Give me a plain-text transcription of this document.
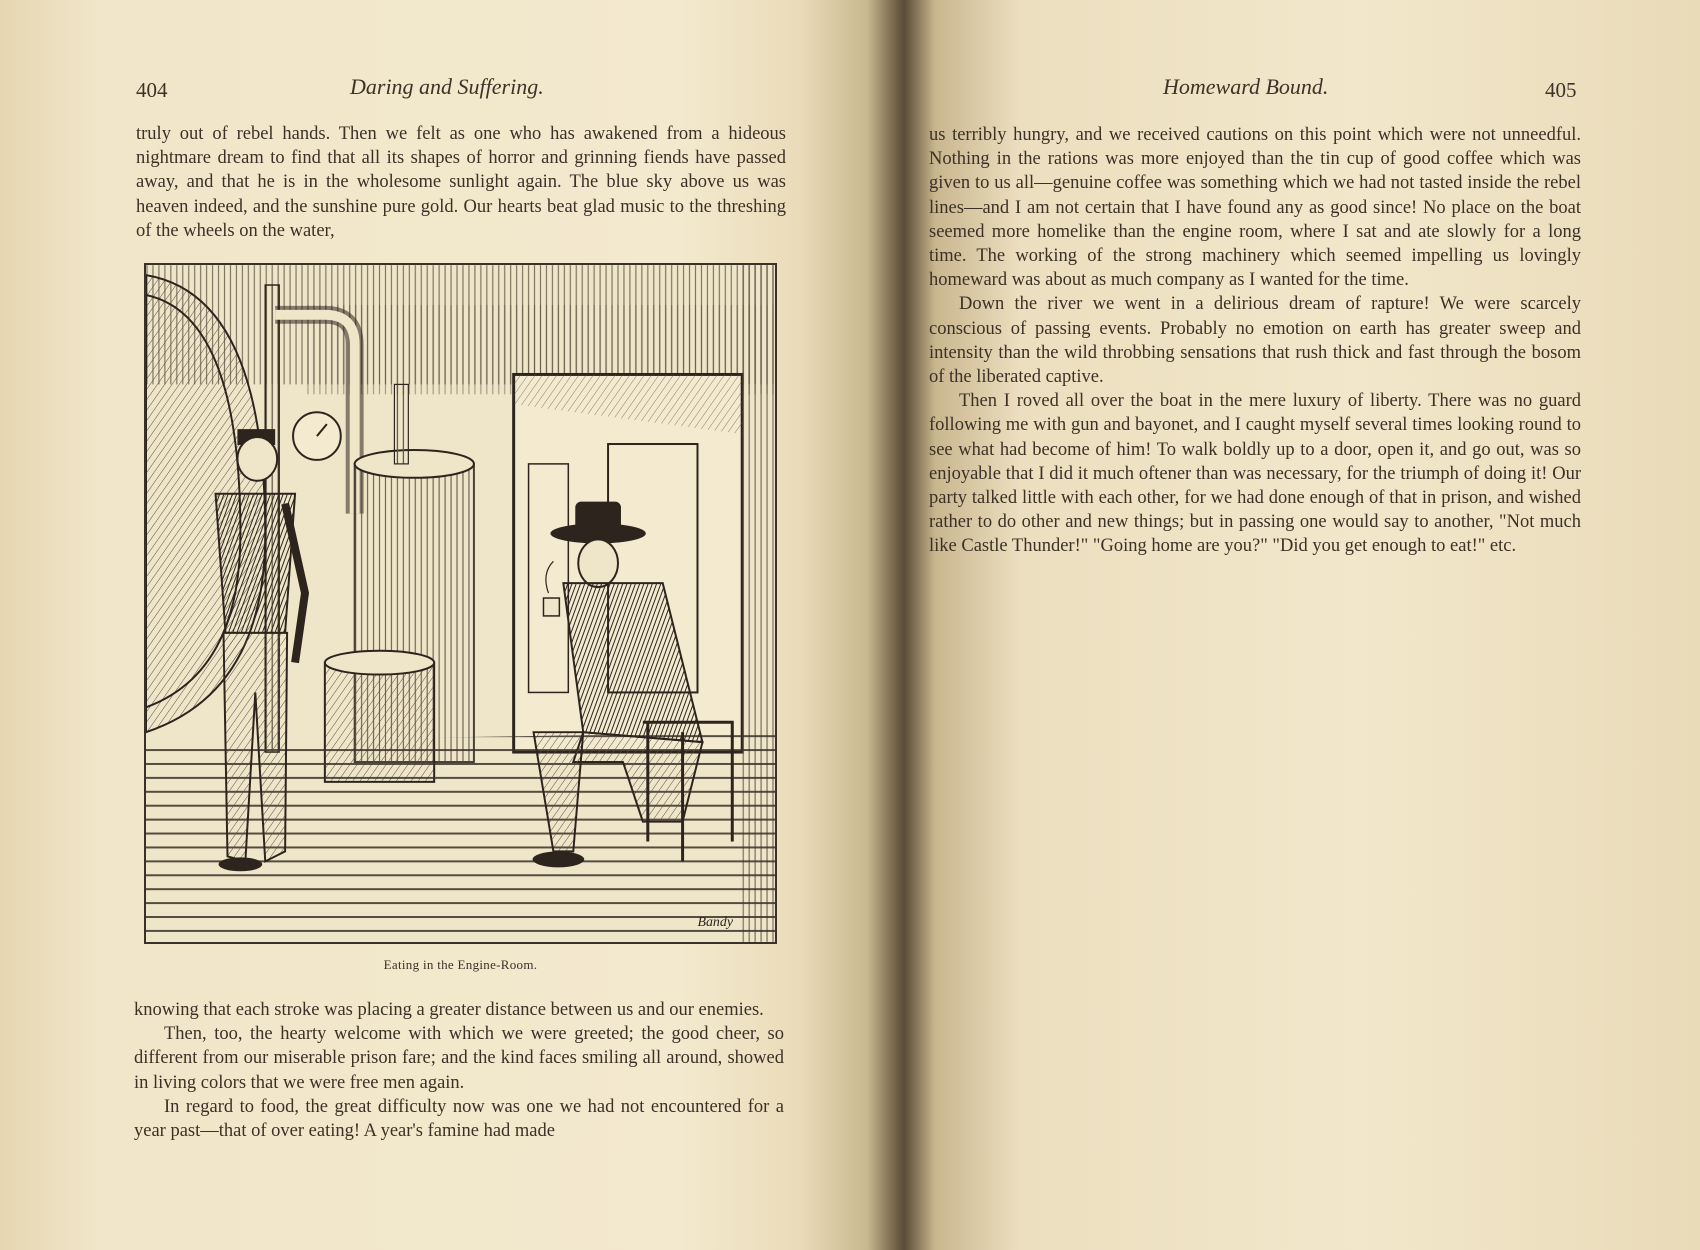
404	Daring and Suffering.

truly out of rebel hands. Then we felt as one who has awakened from a hideous nightmare dream to find that all its shapes of horror and grinning fiends have passed away, and that he is in the wholesome sunlight again. The blue sky above us was heaven indeed, and the sunshine pure gold. Our hearts beat glad music to the threshing of the wheels on the water,

Bandy
Eating in the Engine-Room.

knowing that each stroke was placing a greater distance between us and our enemies.

Then, too, the hearty welcome with which we were greeted; the good cheer, so different from our miserable prison fare; and the kind faces smiling all around, showed in living colors that we were free men again.

In regard to food, the great difficulty now was one we had not encountered for a year past—that of over eating! A year's famine had made

Homeward Bound.	405

us terribly hungry, and we received cautions on this point which were not unneedful. Nothing in the rations was more enjoyed than the tin cup of good coffee which was given to us all—genuine coffee was something which we had not tasted inside the rebel lines—and I am not certain that I have found any as good since! No place on the boat seemed more homelike than the engine room, where I sat and ate slowly for a long time. The working of the strong machinery which seemed impelling us lovingly homeward was about as much company as I wanted for the time.

Down the river we went in a delirious dream of rapture! We were scarcely conscious of passing events. Probably no emotion on earth has greater sweep and intensity than the wild throbbing sensations that rush thick and fast through the bosom of the liberated captive.

Then I roved all over the boat in the mere luxury of liberty. There was no guard following me with gun and bayonet, and I caught myself several times looking round to see what had become of him! To walk boldly up to a door, open it, and go out, was so enjoyable that I did it much oftener than was necessary, for the triumph of doing it! Our party talked little with each other, for we had done enough of that in prison, and wished rather to do other and new things; but in passing one would say to another, "Not much like Castle Thunder!" "Going home are you?" "Did you get enough to eat!" etc.
